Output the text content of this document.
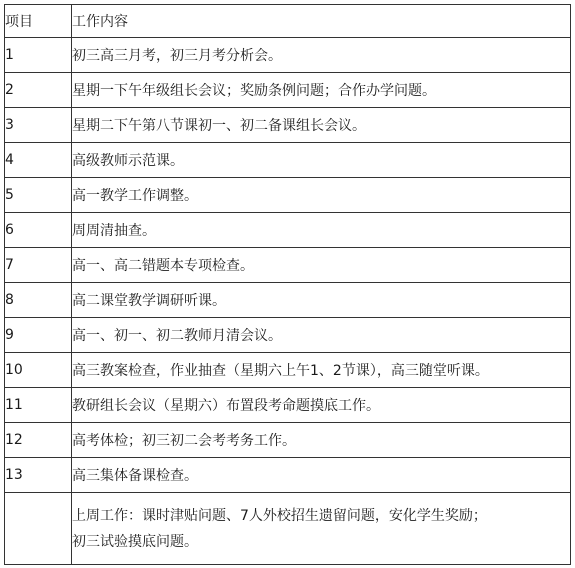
项目	工作内容
1	初三高三月考，初三月考分析会。
2	星期一下午年级组长会议；奖励条例问题；合作办学问题。
3	星期二下午第八节课初一、初二备课组长会议。
4	高级教师示范课。
5	高一教学工作调整。
6	周周清抽查。
7	高一、高二错题本专项检查。
8	高二课堂教学调研听课。
9	高一、初一、初二教师月清会议。
10	高三教案检查，作业抽查（星期六上午1、2节课），高三随堂听课。
11	教研组长会议（星期六）布置段考命题摸底工作。
12	高考体检；初三初二会考考务工作。
13	高三集体备课检查。

	上周工作：课时津贴问题、7人外校招生遗留问题，安化学生奖励；
初三试验摸底问题。
